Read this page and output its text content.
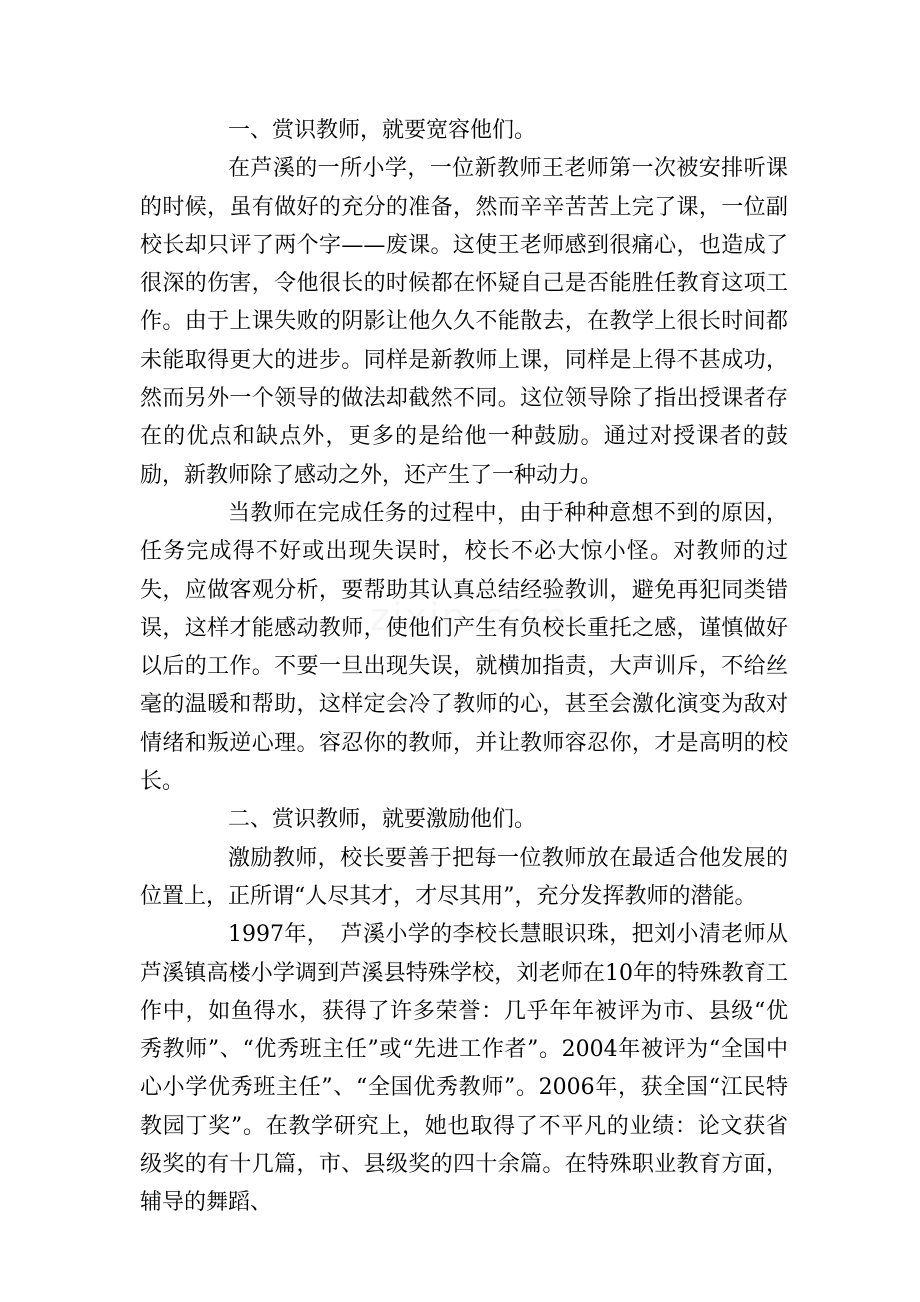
一、赏识教师，就要宽容他们。

在芦溪的一所小学，一位新教师王老师第一次被安排听课的时候，虽有做好的充分的准备，然而辛辛苦苦上完了课，一位副校长却只评了两个字——废课。这使王老师感到很痛心，也造成了很深的伤害，令他很长的时候都在怀疑自己是否能胜任教育这项工作。由于上课失败的阴影让他久久不能散去，在教学上很长时间都未能取得更大的进步。同样是新教师上课，同样是上得不甚成功，然而另外一个领导的做法却截然不同。这位领导除了指出授课者存在的优点和缺点外，更多的是给他一种鼓励。通过对授课者的鼓励，新教师除了感动之外，还产生了一种动力。

当教师在完成任务的过程中，由于种种意想不到的原因，任务完成得不好或出现失误时，校长不必大惊小怪。对教师的过失，应做客观分析，要帮助其认真总结经验教训，避免再犯同类错误，这样才能感动教师，使他们产生有负校长重托之感，谨慎做好以后的工作。不要一旦出现失误，就横加指责，大声训斥，不给丝毫的温暖和帮助，这样定会冷了教师的心，甚至会激化演变为敌对情绪和叛逆心理。容忍你的教师，并让教师容忍你，才是高明的校长。

二、赏识教师，就要激励他们。

激励教师，校长要善于把每一位教师放在最适合他发展的位置上，正所谓“人尽其才，才尽其用”，充分发挥教师的潜能。

1997年，　芦溪小学的李校长慧眼识珠，把刘小清老师从芦溪镇高楼小学调到芦溪县特殊学校，刘老师在10年的特殊教育工作中，如鱼得水，获得了许多荣誉：几乎年年被评为市、县级“优秀教师”、“优秀班主任”或“先进工作者”。2004年被评为“全国中心小学优秀班主任”、“全国优秀教师”。2006年，获全国“江民特教园丁奖”。在教学研究上，她也取得了不平凡的业绩：论文获省级奖的有十几篇，市、县级奖的四十余篇。在特殊职业教育方面，辅导的舞蹈、
